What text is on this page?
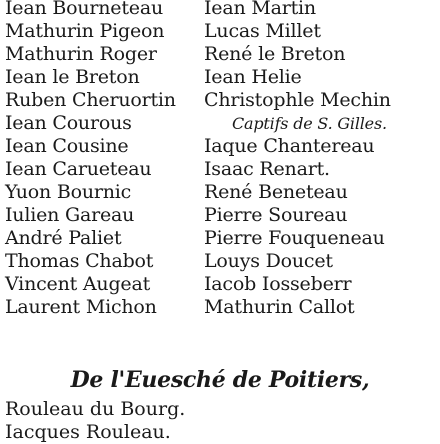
Iean Bourneteau
Mathurin Pigeon
Mathurin Roger
Iean le Breton
Ruben Cheruortin
Iean Courous
Iean Cousine
Iean Carueteau
Yuon Bournic
Iulien Gareau
André Paliet
Thomas Chabot
Vincent Augeat
Laurent Michon
Iean Martin
Lucas Millet
René le Breton
Iean Helie
Christophle Mechin
Captifs de S. Gilles.
Iaque Chantereau
Isaac Renart.
René Beneteau
Pierre Soureau
Pierre Fouqueneau
Louys Doucet
Iacob Iosseberr
Mathurin Callot
De l'Euesché de Poitiers,
Rouleau du Bourg.
Iacques Rouleau.
